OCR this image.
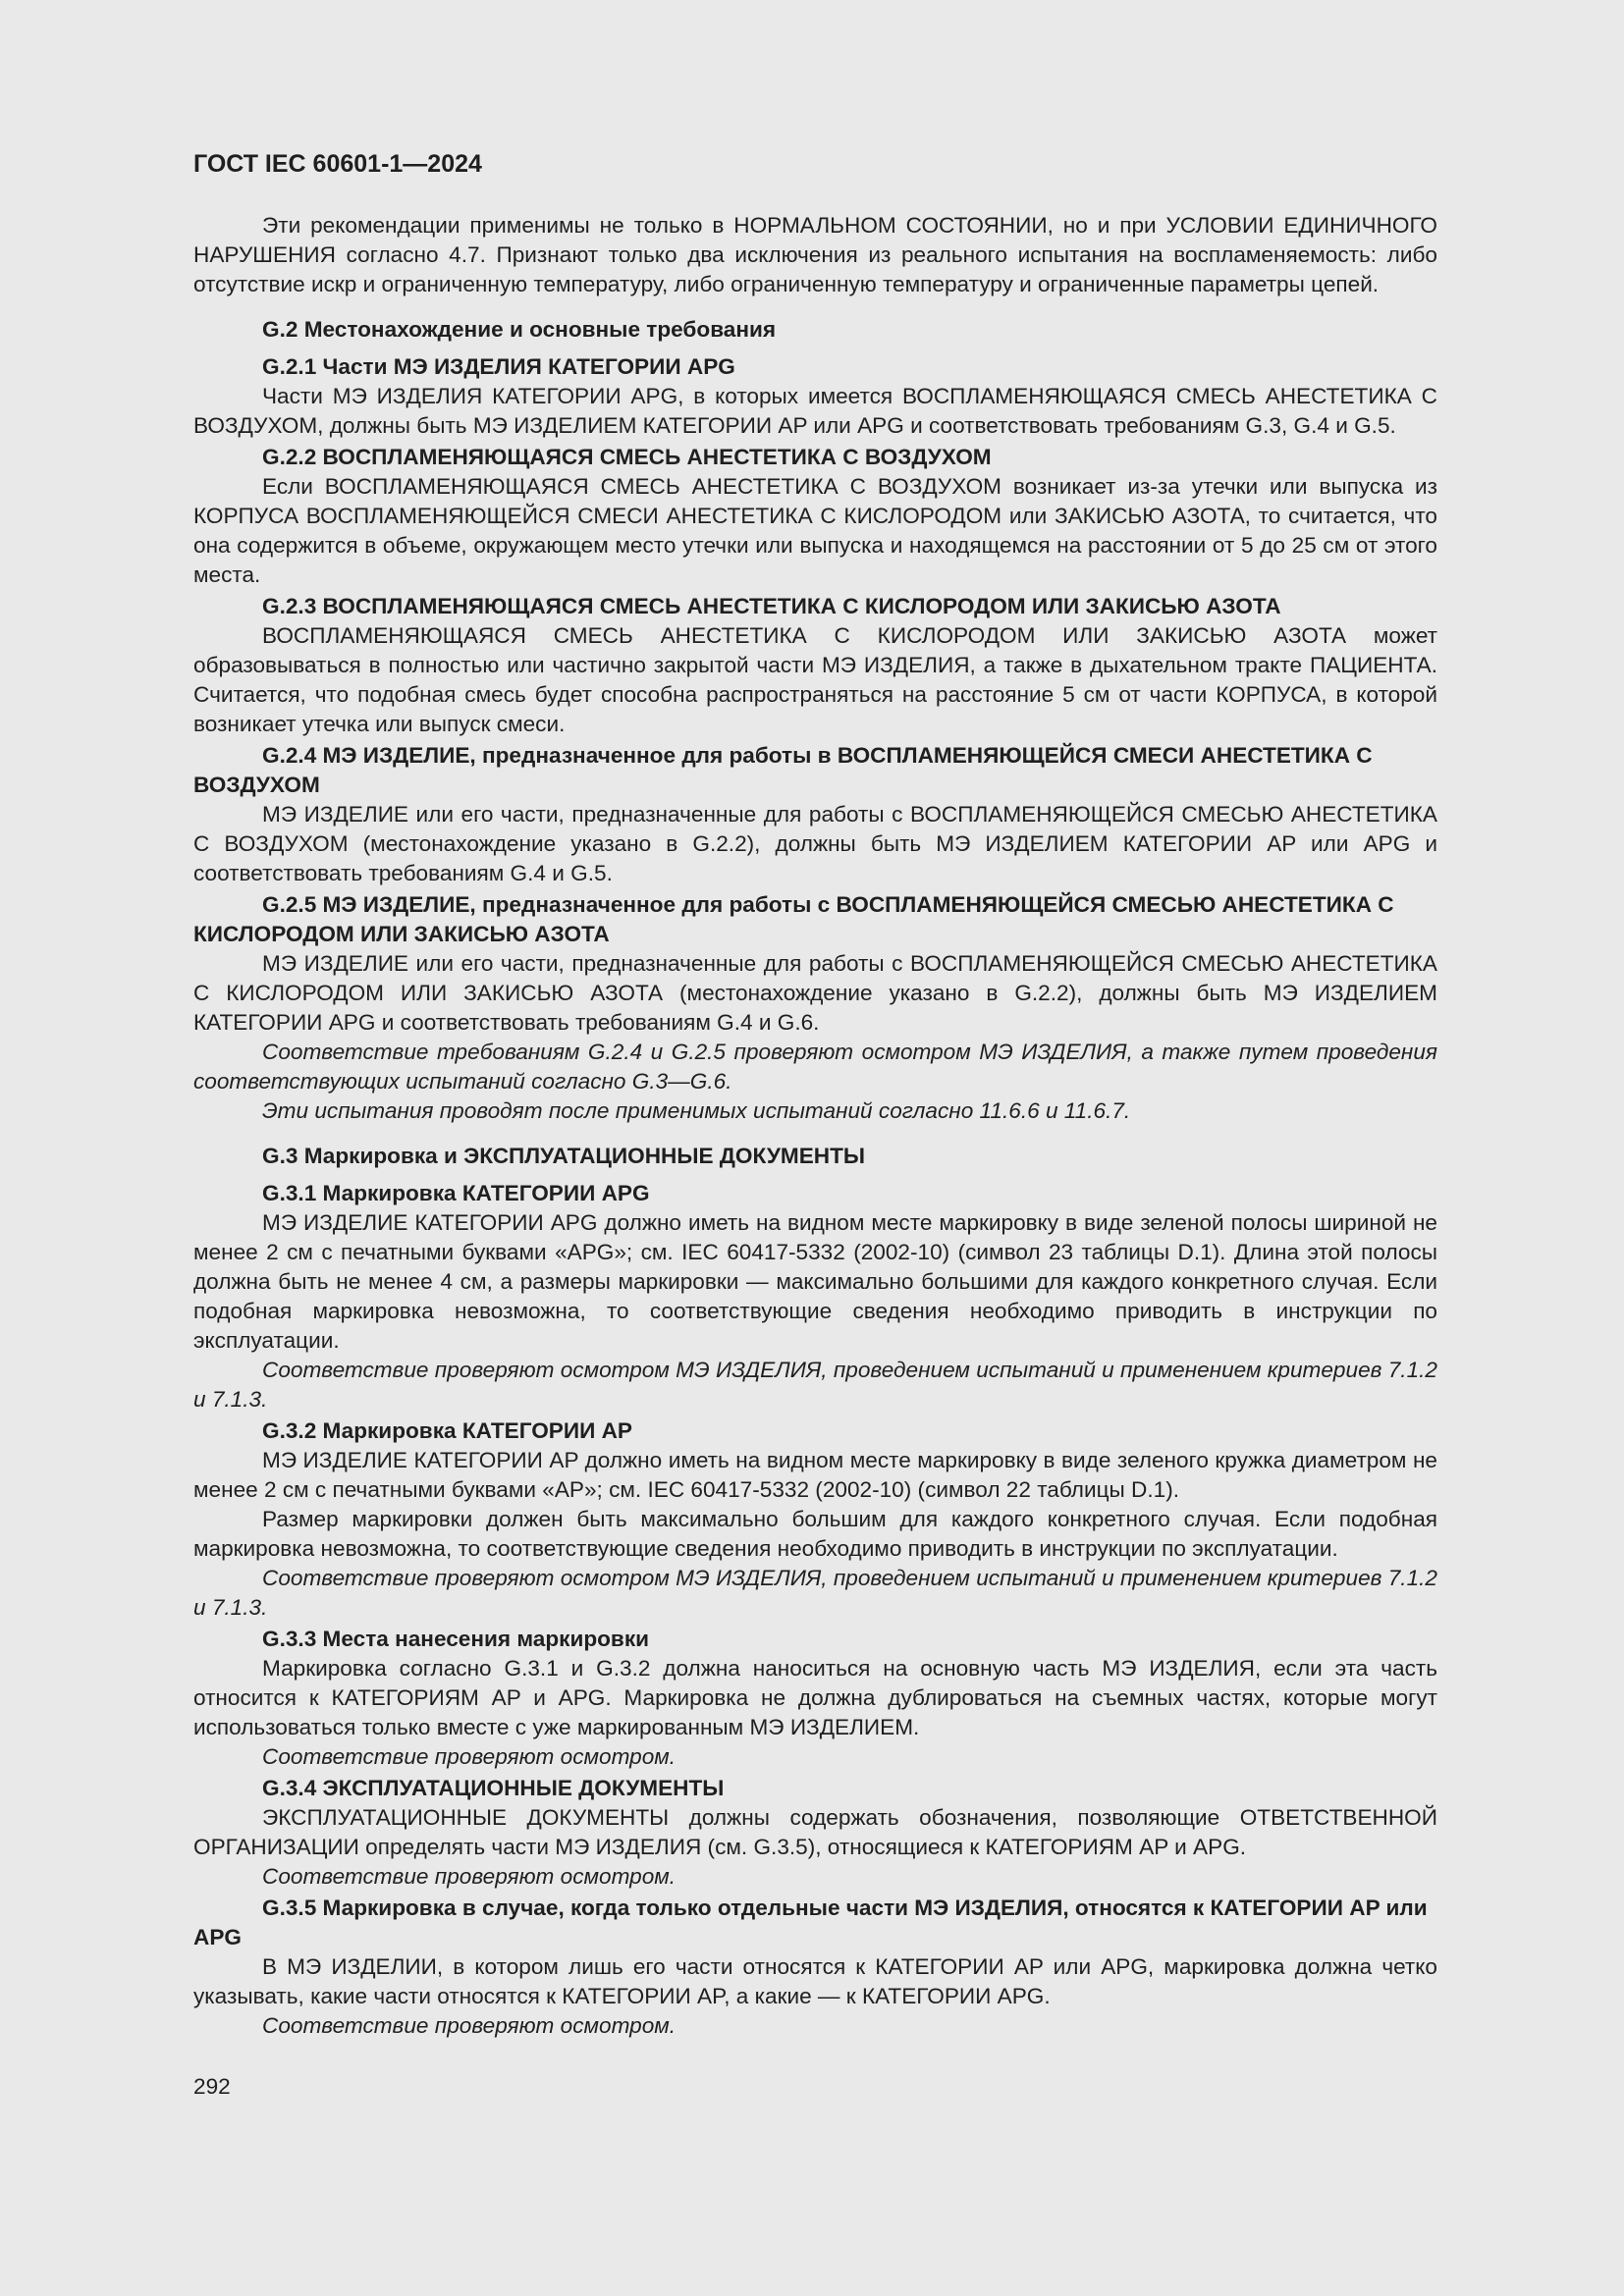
ГОСТ IEC 60601-1—2024
Эти рекомендации применимы не только в НОРМАЛЬНОМ СОСТОЯНИИ, но и при УСЛОВИИ ЕДИНИЧНОГО НАРУШЕНИЯ согласно 4.7. Признают только два исключения из реального испытания на воспламеняемость: либо отсутствие искр и ограниченную температуру, либо ограниченную температуру и ограниченные параметры цепей.
G.2 Местонахождение и основные требования
G.2.1 Части МЭ ИЗДЕЛИЯ КАТЕГОРИИ APG
Части МЭ ИЗДЕЛИЯ КАТЕГОРИИ APG, в которых имеется ВОСПЛАМЕНЯЮЩАЯСЯ СМЕСЬ АНЕСТЕТИКА С ВОЗДУХОМ, должны быть МЭ ИЗДЕЛИЕМ КАТЕГОРИИ AP или APG и соответствовать требованиям G.3, G.4 и G.5.
G.2.2 ВОСПЛАМЕНЯЮЩАЯСЯ СМЕСЬ АНЕСТЕТИКА С ВОЗДУХОМ
Если ВОСПЛАМЕНЯЮЩАЯСЯ СМЕСЬ АНЕСТЕТИКА С ВОЗДУХОМ возникает из-за утечки или выпуска из КОРПУСА ВОСПЛАМЕНЯЮЩЕЙСЯ СМЕСИ АНЕСТЕТИКА С КИСЛОРОДОМ или ЗАКИСЬЮ АЗОТА, то считается, что она содержится в объеме, окружающем место утечки или выпуска и находящемся на расстоянии от 5 до 25 см от этого места.
G.2.3 ВОСПЛАМЕНЯЮЩАЯСЯ СМЕСЬ АНЕСТЕТИКА С КИСЛОРОДОМ ИЛИ ЗАКИСЬЮ АЗОТА
ВОСПЛАМЕНЯЮЩАЯСЯ СМЕСЬ АНЕСТЕТИКА С КИСЛОРОДОМ ИЛИ ЗАКИСЬЮ АЗОТА может образовываться в полностью или частично закрытой части МЭ ИЗДЕЛИЯ, а также в дыхательном тракте ПАЦИЕНТА. Считается, что подобная смесь будет способна распространяться на расстояние 5 см от части КОРПУСА, в которой возникает утечка или выпуск смеси.
G.2.4 МЭ ИЗДЕЛИЕ, предназначенное для работы в ВОСПЛАМЕНЯЮЩЕЙСЯ СМЕСИ АНЕСТЕТИКА С ВОЗДУХОМ
МЭ ИЗДЕЛИЕ или его части, предназначенные для работы с ВОСПЛАМЕНЯЮЩЕЙСЯ СМЕСЬЮ АНЕСТЕТИКА С ВОЗДУХОМ (местонахождение указано в G.2.2), должны быть МЭ ИЗДЕЛИЕМ КАТЕГОРИИ AP или APG и соответствовать требованиям G.4 и G.5.
G.2.5 МЭ ИЗДЕЛИЕ, предназначенное для работы с ВОСПЛАМЕНЯЮЩЕЙСЯ СМЕСЬЮ АНЕСТЕТИКА С КИСЛОРОДОМ ИЛИ ЗАКИСЬЮ АЗОТА
МЭ ИЗДЕЛИЕ или его части, предназначенные для работы с ВОСПЛАМЕНЯЮЩЕЙСЯ СМЕСЬЮ АНЕСТЕТИКА С КИСЛОРОДОМ ИЛИ ЗАКИСЬЮ АЗОТА (местонахождение указано в G.2.2), должны быть МЭ ИЗДЕЛИЕМ КАТЕГОРИИ APG и соответствовать требованиям G.4 и G.6.
Соответствие требованиям G.2.4 и G.2.5 проверяют осмотром МЭ ИЗДЕЛИЯ, а также путем проведения соответствующих испытаний согласно G.3—G.6.
Эти испытания проводят после применимых испытаний согласно 11.6.6 и 11.6.7.
G.3 Маркировка и ЭКСПЛУАТАЦИОННЫЕ ДОКУМЕНТЫ
G.3.1 Маркировка КАТЕГОРИИ APG
МЭ ИЗДЕЛИЕ КАТЕГОРИИ APG должно иметь на видном месте маркировку в виде зеленой полосы шириной не менее 2 см с печатными буквами «APG»; см. IEC 60417-5332 (2002-10) (символ 23 таблицы D.1). Длина этой полосы должна быть не менее 4 см, а размеры маркировки — максимально большими для каждого конкретного случая. Если подобная маркировка невозможна, то соответствующие сведения необходимо приводить в инструкции по эксплуатации.
Соответствие проверяют осмотром МЭ ИЗДЕЛИЯ, проведением испытаний и применением критериев 7.1.2 и 7.1.3.
G.3.2 Маркировка КАТЕГОРИИ AP
МЭ ИЗДЕЛИЕ КАТЕГОРИИ AP должно иметь на видном месте маркировку в виде зеленого кружка диаметром не менее 2 см с печатными буквами «AP»; см. IEC 60417-5332 (2002-10) (символ 22 таблицы D.1).
Размер маркировки должен быть максимально большим для каждого конкретного случая. Если подобная маркировка невозможна, то соответствующие сведения необходимо приводить в инструкции по эксплуатации.
Соответствие проверяют осмотром МЭ ИЗДЕЛИЯ, проведением испытаний и применением критериев 7.1.2 и 7.1.3.
G.3.3 Места нанесения маркировки
Маркировка согласно G.3.1 и G.3.2 должна наноситься на основную часть МЭ ИЗДЕЛИЯ, если эта часть относится к КАТЕГОРИЯМ AP и APG. Маркировка не должна дублироваться на съемных частях, которые могут использоваться только вместе с уже маркированным МЭ ИЗДЕЛИЕМ.
Соответствие проверяют осмотром.
G.3.4 ЭКСПЛУАТАЦИОННЫЕ ДОКУМЕНТЫ
ЭКСПЛУАТАЦИОННЫЕ ДОКУМЕНТЫ должны содержать обозначения, позволяющие ОТВЕТСТВЕННОЙ ОРГАНИЗАЦИИ определять части МЭ ИЗДЕЛИЯ (см. G.3.5), относящиеся к КАТЕГОРИЯМ AP и APG.
Соответствие проверяют осмотром.
G.3.5 Маркировка в случае, когда только отдельные части МЭ ИЗДЕЛИЯ, относятся к КАТЕГОРИИ AP или APG
В МЭ ИЗДЕЛИИ, в котором лишь его части относятся к КАТЕГОРИИ AP или APG, маркировка должна четко указывать, какие части относятся к КАТЕГОРИИ AP, а какие — к КАТЕГОРИИ APG.
Соответствие проверяют осмотром.
292
